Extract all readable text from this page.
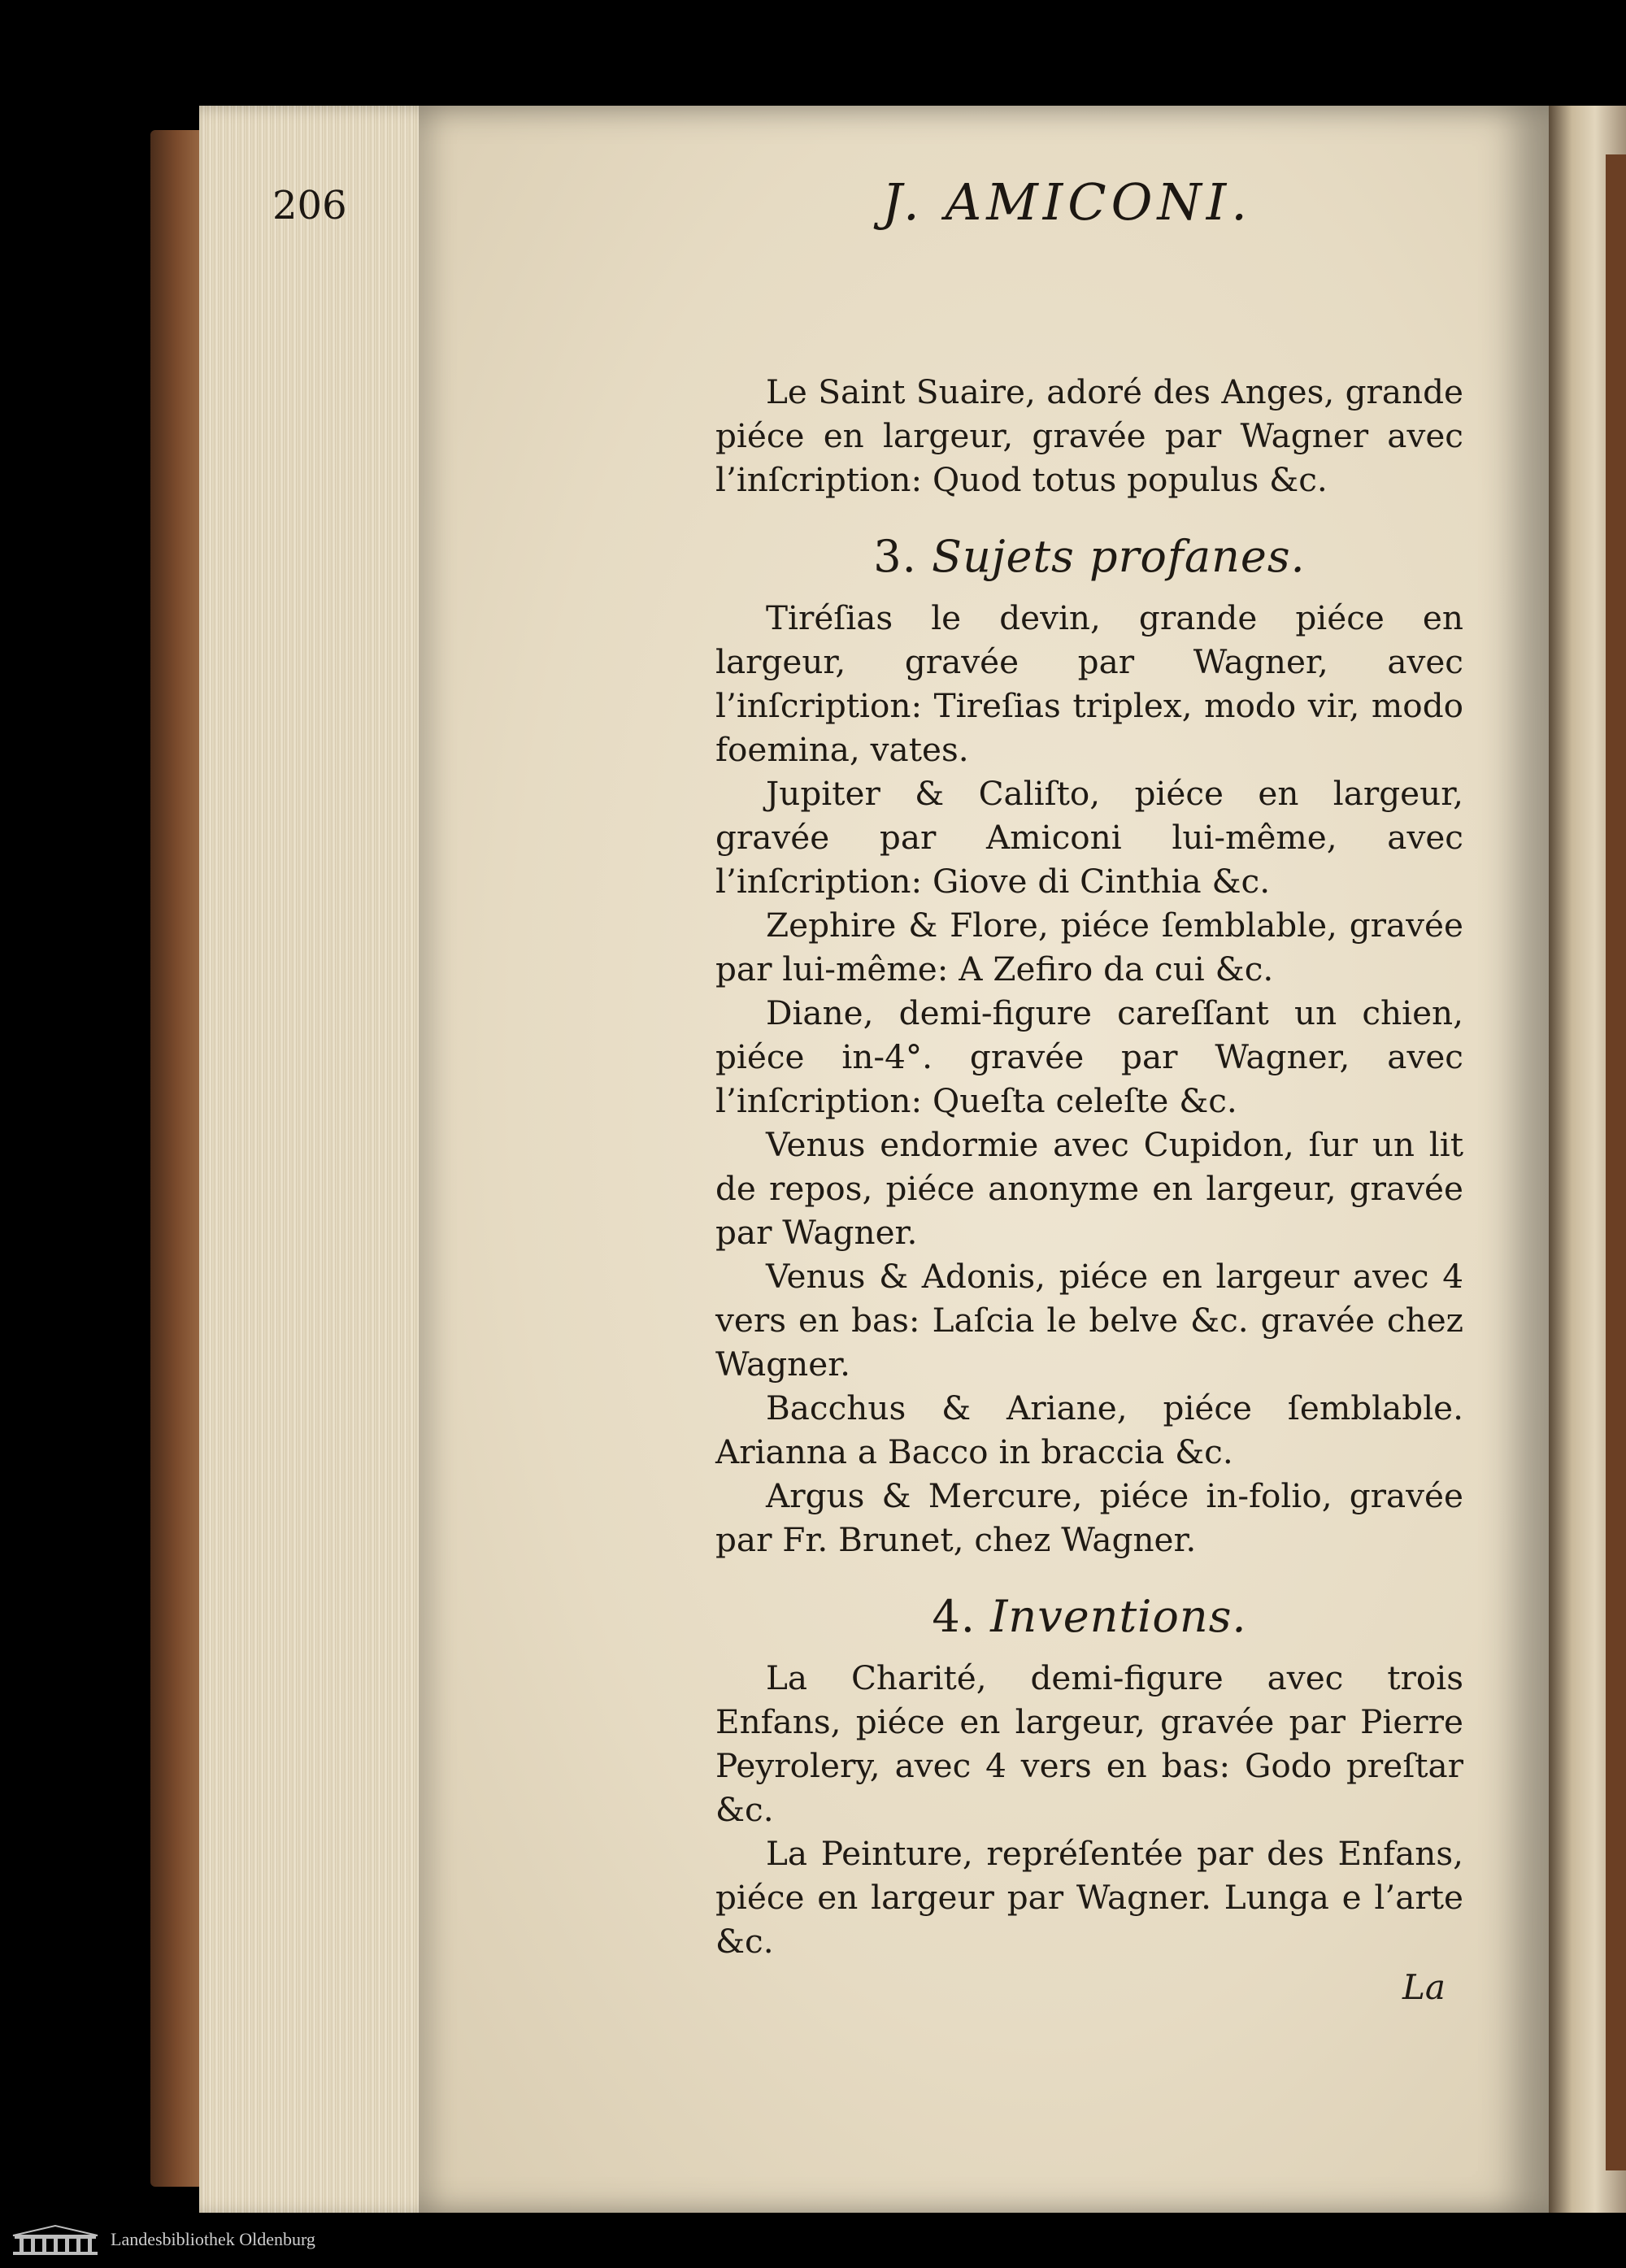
206	J. AMICONI.

Le Saint Suaire, adoré des Anges, grande piéce en largeur, gravée par Wagner avec l’inſcription: Quod totus populus &c.

3. Sujets profanes.

Tiréſias le devin, grande piéce en largeur, gravée par Wagner, avec l’inſcription: Tireſias triplex, modo vir, modo foemina, vates.

Jupiter & Caliſto, piéce en largeur, gravée par Amiconi lui-même, avec l’inſcription: Giove di Cinthia &c.

Zephire & Flore, piéce ſemblable, gravée par lui-même: A Zefiro da cui &c.

Diane, demi-figure careſſant un chien, piéce in-4°. gravée par Wagner, avec l’inſcription: Queſta celeſte &c.

Venus endormie avec Cupidon, ſur un lit de repos, piéce anonyme en largeur, gravée par Wagner.

Venus & Adonis, piéce en largeur avec 4 vers en bas: Laſcia le belve &c. gravée chez Wagner.

Bacchus & Ariane, piéce ſemblable. Arianna a Bacco in braccia &c.

Argus & Mercure, piéce in-folio, gravée par Fr. Brunet, chez Wagner.

4. Inventions.

La Charité, demi-figure avec trois Enfans, piéce en largeur, gravée par Pierre Peyrolery, avec 4 vers en bas: Godo preſtar &c.

La Peinture, repréſentée par des Enfans, piéce en largeur par Wagner. Lunga e l’arte &c.

La
Landesbibliothek Oldenburg
